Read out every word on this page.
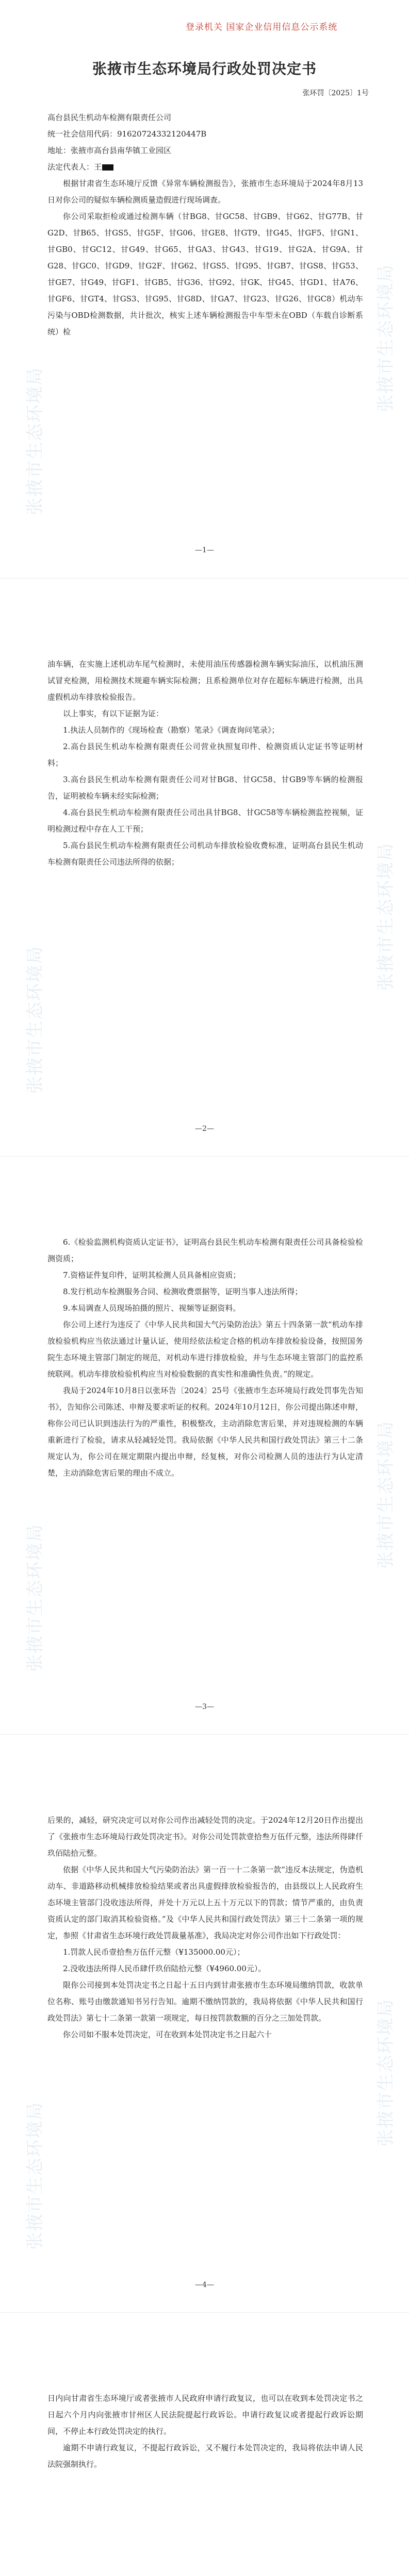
张掖市生态环境局
张掖市生态环境局
登录机关 国家企业信用信息公示系统
张掖市生态环境局行政处罚决定书
张环罚〔2025〕1号

高台县民生机动车检测有限责任公司

统一社会信用代码：91620724332120447B

地址：张掖市高台县南华镇工业园区

法定代表人：王

根据甘肃省生态环境厅反馈《异常车辆检测报告》，张掖市生态环境局于2024年8月13日对你公司的疑似车辆检测质量造假进行现场调查。

你公司采取拒检或通过检测车辆（甘BG8、甘GC58、甘GB9、甘G62、甘G77B、甘G2D、甘B65、甘GS5、甘G5F、甘G06、甘GE8、甘GT9、甘G45、甘GF5、甘GN1、甘GB0、甘GC12、甘G49、甘G65、甘GA3、甘G43、甘G19、甘G2A、甘G9A、甘G28、甘GC0、甘GD9、甘G2F、甘G62、甘GS5、甘G95、甘GB7、甘GS8、甘G53、甘GE7、甘G49、甘GF1、甘GB5、甘G36、甘G92、甘GK、甘G45、甘GD1、甘A76、甘GF6、甘GT4、甘GS3、甘G95、甘G8D、甘GA7、甘G23、甘G26、甘GC8）机动车污染与OBD检测数据，共计批次，核实上述车辆检测报告中车型未在OBD（车载自诊断系统）检

—1—
张掖市生态环境局
张掖市生态环境局

油车辆，在实施上述机动车尾气检测时，未使用油压传感器检测车辆实际油压，以机油压测试冒充检测，用检测技术规避车辆实际检测；且系检测单位对存在超标车辆进行检测，出具虚假机动车排放检验报告。

以上事实，有以下证据为证：

1.执法人员制作的《现场检查（勘察）笔录》《调查询问笔录》；

2.高台县民生机动车检测有限责任公司营业执照复印件、检测资质认定证书等证明材料；

3.高台县民生机动车检测有限责任公司对甘BG8、甘GC58、甘GB9等车辆的检测报告，证明被检车辆未经实际检测；

4.高台县民生机动车检测有限责任公司出具甘BG8、甘GC58等车辆检测监控视频，证明检测过程中存在人工干预；

5.高台县民生机动车检测有限责任公司机动车排放检验收费标准，证明高台县民生机动车检测有限责任公司违法所得的依据；

—2—
张掖市生态环境局
张掖市生态环境局

6.《检验监测机构资质认定证书》，证明高台县民生机动车检测有限责任公司具备检验检测资质；

7.资格证件复印件，证明其检测人员具备相应资质；

8.发行机动车检测服务合同、检测收费票据等，证明当事人违法所得；

9.本局调查人员现场拍摄的照片、视频等证据资料。

你公司上述行为违反了《中华人民共和国大气污染防治法》第五十四条第一款“机动车排放检验机构应当依法通过计量认证，使用经依法检定合格的机动车排放检验设备，按照国务院生态环境主管部门制定的规范，对机动车进行排放检验，并与生态环境主管部门的监控系统联网。机动车排放检验机构应当对检验数据的真实性和准确性负责。”的规定。

我局于2024年10月8日以张环告〔2024〕25号《张掖市生态环境局行政处罚事先告知书》，告知你公司陈述、申辩及要求听证的权利。2024年10月12日，你公司提出陈述申辩，称你公司已认识到违法行为的严重性，积极整改，主动消除危害后果，并对违规检测的车辆重新进行了检验，请求从轻减轻处罚。我局依据《中华人民共和国行政处罚法》第三十二条规定认为，你公司在规定期限内提出申辩，经复核，对你公司检测人员的违法行为认定清楚，主动消除危害后果的理由不成立。

—3—
张掖市生态环境局
张掖市生态环境局

后果的，减轻，研究决定可以对你公司作出减轻处罚的决定。于2024年12月20日作出提出了《张掖市生态环境局行政处罚决定书》。对你公司处罚款壹拾叁万伍仟元整，违法所得肆仟玖佰陆拾元整。

依据《中华人民共和国大气污染防治法》第一百一十二条第一款“违反本法规定，伪造机动车、非道路移动机械排放检验结果或者出具虚假排放检验报告的，由县级以上人民政府生态环境主管部门没收违法所得，并处十万元以上五十万元以下的罚款；情节严重的，由负责资质认定的部门取消其检验资格。”及《中华人民共和国行政处罚法》第三十二条第一项的规定，参照《甘肃省生态环境行政处罚裁量基准》，我局决定对你公司作出如下行政处罚：

1.罚款人民币壹拾叁万伍仟元整（¥135000.00元）；

2.没收违法所得人民币肆仟玖佰陆拾元整（¥4960.00元）。

限你公司接到本处罚决定书之日起十五日内到甘肃张掖市生态环境局缴纳罚款，收款单位名称、账号由缴款通知书另行告知。逾期不缴纳罚款的，我局将依据《中华人民共和国行政处罚法》第七十二条第一款第一项规定，每日按罚款数额的百分之三加处罚款。

你公司如不服本处罚决定，可在收到本处罚决定书之日起六十

—4—

日内向甘肃省生态环境厅或者张掖市人民政府申请行政复议，也可以在收到本处罚决定书之日起六个月内向张掖市甘州区人民法院提起行政诉讼。申请行政复议或者提起行政诉讼期间，不停止本行政处罚决定的执行。

逾期不申请行政复议，不提起行政诉讼，又不履行本处罚决定的，我局将依法申请人民法院强制执行。
